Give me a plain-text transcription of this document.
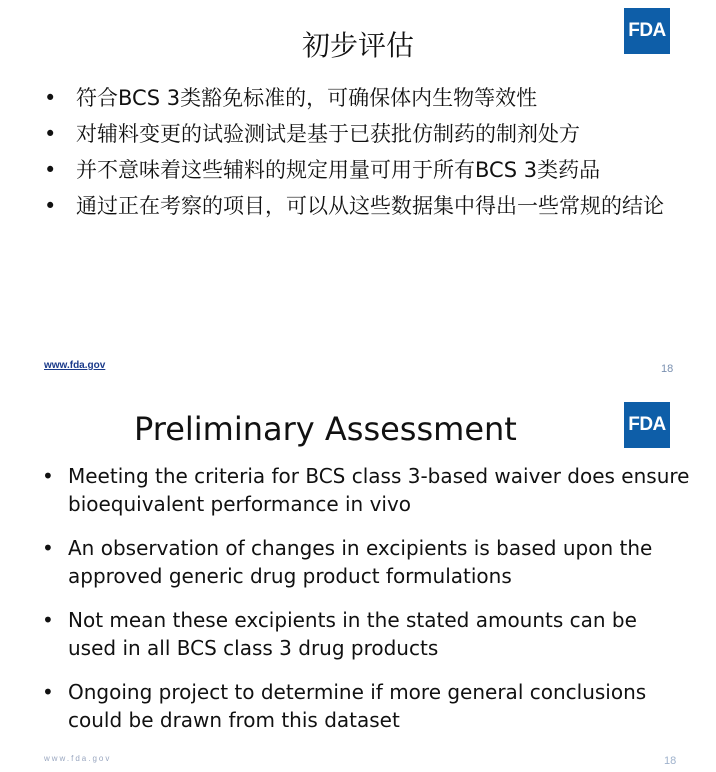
初步评估	FDA
• 符合BCS 3类豁免标准的，可确保体内生物等效性
• 对辅料变更的试验测试是基于已获批仿制药的制剂处方
• 并不意味着这些辅料的规定用量可用于所有BCS 3类药品
• 通过正在考察的项目，可以从这些数据集中得出一些常规的结论
www.fda.gov	18
Preliminary Assessment	FDA
• Meeting the criteria for BCS class 3-based waiver does ensure bioequivalent performance in vivo
• An observation of changes in excipients is based upon the approved generic drug product formulations
• Not mean these excipients in the stated amounts can be used in all BCS class 3 drug products
• Ongoing project to determine if more general conclusions could be drawn from this dataset
www.fda.gov	18
